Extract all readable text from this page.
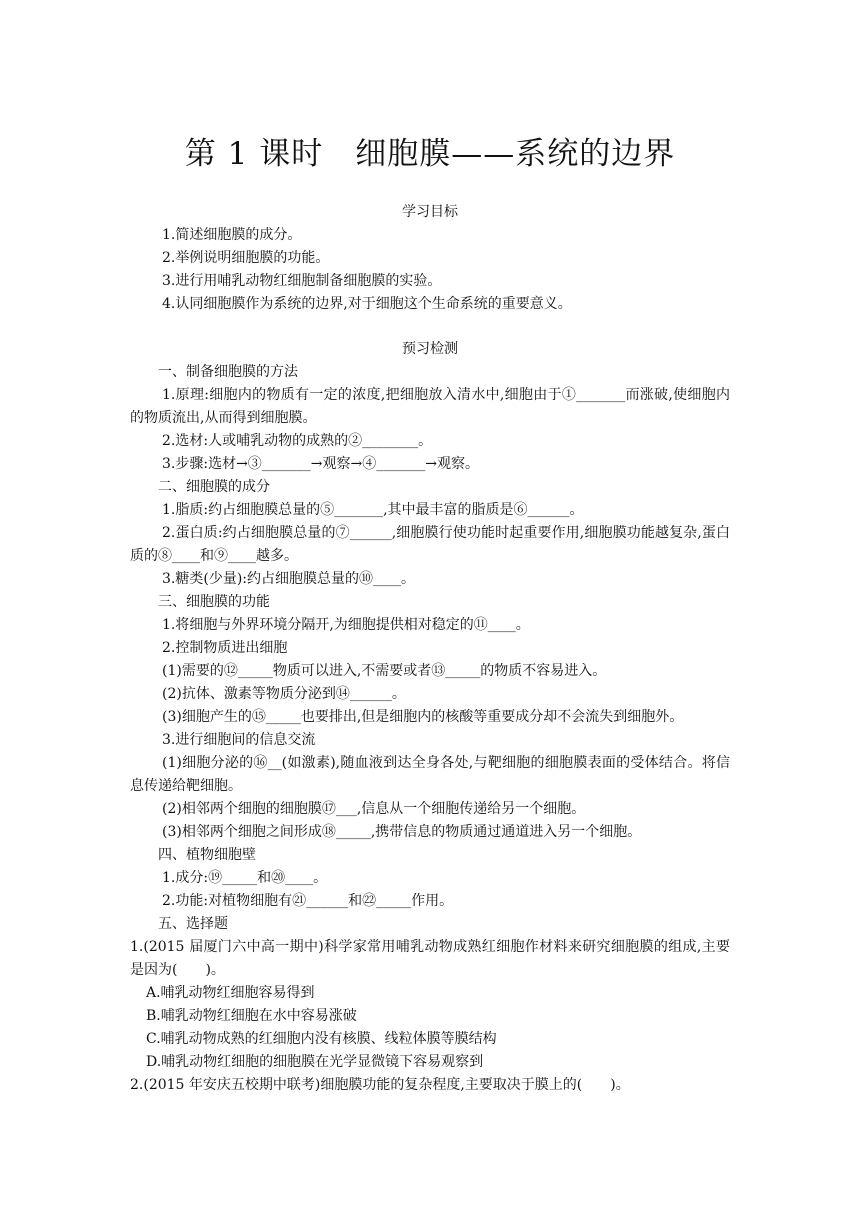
第 1 课时　细胞膜——系统的边界
学习目标
1.简述细胞膜的成分。
2.举例说明细胞膜的功能。
3.进行用哺乳动物红细胞制备细胞膜的实验。
4.认同细胞膜作为系统的边界,对于细胞这个生命系统的重要意义。
预习检测
一、制备细胞膜的方法
1.原理:细胞内的物质有一定的浓度,把细胞放入清水中,细胞由于①_______而涨破,使细胞内的物质流出,从而得到细胞膜。
2.选材:人或哺乳动物的成熟的②________。
3.步骤:选材→③_______→观察→④_______→观察。
二、细胞膜的成分
1.脂质:约占细胞膜总量的⑤_______,其中最丰富的脂质是⑥______。
2.蛋白质:约占细胞膜总量的⑦______,细胞膜行使功能时起重要作用,细胞膜功能越复杂,蛋白质的⑧____和⑨____越多。
3.糖类(少量):约占细胞膜总量的⑩____。
三、细胞膜的功能
1.将细胞与外界环境分隔开,为细胞提供相对稳定的⑪____。
2.控制物质进出细胞
(1)需要的⑫_____物质可以进入,不需要或者⑬_____的物质不容易进入。
(2)抗体、激素等物质分泌到⑭______。
(3)细胞产生的⑮_____也要排出,但是细胞内的核酸等重要成分却不会流失到细胞外。
3.进行细胞间的信息交流
(1)细胞分泌的⑯__(如激素),随血液到达全身各处,与靶细胞的细胞膜表面的受体结合。将信息传递给靶细胞。
(2)相邻两个细胞的细胞膜⑰___,信息从一个细胞传递给另一个细胞。
(3)相邻两个细胞之间形成⑱_____,携带信息的物质通过通道进入另一个细胞。
四、植物细胞壁
1.成分:⑲_____和⑳____。
2.功能:对植物细胞有㉑______和㉒_____作用。
五、选择题
1.(2015 届厦门六中高一期中)科学家常用哺乳动物成熟红细胞作材料来研究细胞膜的组成,主要是因为(　　)。
A.哺乳动物红细胞容易得到
B.哺乳动物红细胞在水中容易涨破
C.哺乳动物成熟的红细胞内没有核膜、线粒体膜等膜结构
D.哺乳动物红细胞的细胞膜在光学显微镜下容易观察到
2.(2015 年安庆五校期中联考)细胞膜功能的复杂程度,主要取决于膜上的(　　)。
